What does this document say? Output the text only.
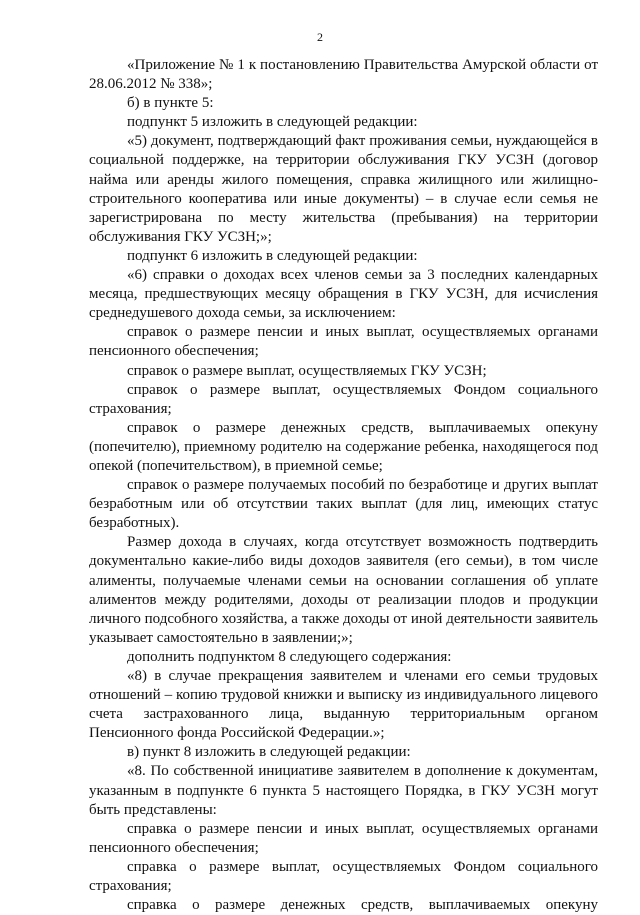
2

«Приложение № 1 к постановлению Правительства Амурской области от 28.06.2012 № 338»;

б) в пункте 5:

подпункт 5 изложить в следующей редакции:

«5) документ, подтверждающий факт проживания семьи, нуждающейся в социальной поддержке, на территории обслуживания ГКУ УСЗН (договор найма или аренды жилого помещения, справка жилищного или жилищно-строительного кооператива или иные документы) – в случае если семья не зарегистрирована по месту жительства (пребывания) на территории обслуживания ГКУ УСЗН;»;

подпункт 6 изложить в следующей редакции:

«6) справки о доходах всех членов семьи за 3 последних календарных месяца, предшествующих месяцу обращения в ГКУ УСЗН, для исчисления среднедушевого дохода семьи, за исключением:

справок о размере пенсии и иных выплат, осуществляемых органами пенсионного обеспечения;

справок о размере выплат, осуществляемых ГКУ УСЗН;

справок о размере выплат, осуществляемых Фондом социального страхования;

справок о размере денежных средств, выплачиваемых опекуну (попечителю), приемному родителю на содержание ребенка, находящегося под опекой (попечительством), в приемной семье;

справок о размере получаемых пособий по безработице и других выплат безработным или об отсутствии таких выплат (для лиц, имеющих статус безработных).

Размер дохода в случаях, когда отсутствует возможность подтвердить документально какие-либо виды доходов заявителя (его семьи), в том числе алименты, получаемые членами семьи на основании соглашения об уплате алиментов между родителями, доходы от реализации плодов и продукции личного подсобного хозяйства, а также доходы от иной деятельности заявитель указывает самостоятельно в заявлении;»;

дополнить подпунктом 8 следующего содержания:

«8) в случае прекращения заявителем и членами его семьи трудовых отношений – копию трудовой книжки и выписку из индивидуального лицевого счета застрахованного лица, выданную территориальным органом Пенсионного фонда Российской Федерации.»;

в) пункт 8 изложить в следующей редакции:

«8. По собственной инициативе заявителем в дополнение к документам, указанным в подпункте 6 пункта 5 настоящего Порядка, в ГКУ УСЗН могут быть представлены:

справка о размере пенсии и иных выплат, осуществляемых органами пенсионного обеспечения;

справка о размере выплат, осуществляемых Фондом социального страхования;

справка о размере денежных средств, выплачиваемых опекуну
